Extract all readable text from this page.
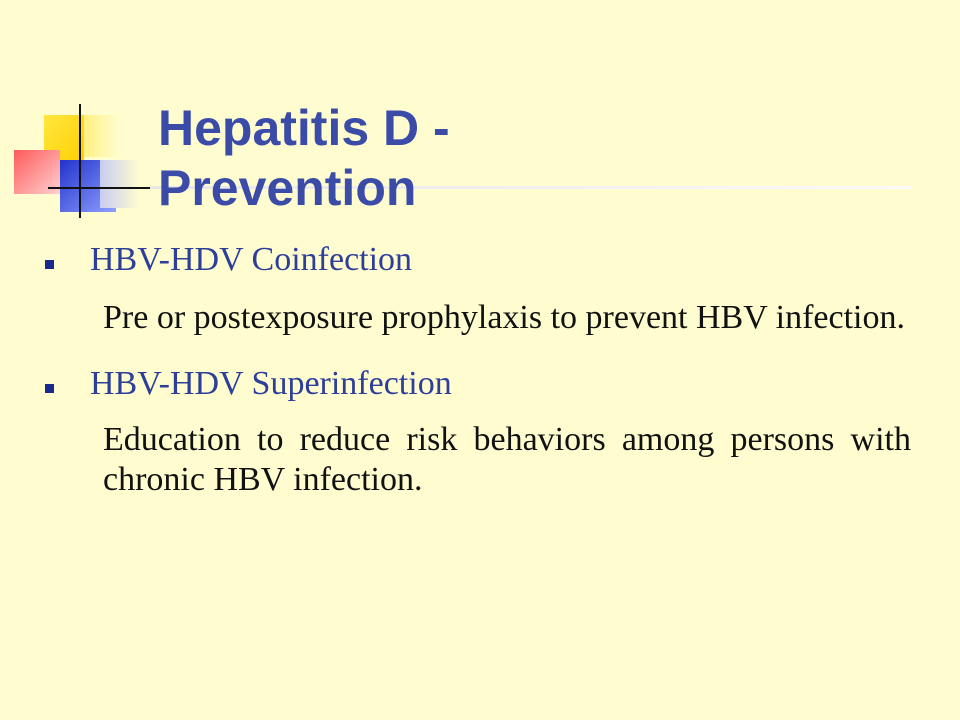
Hepatitis D - Prevention
HBV-HDV Coinfection

Pre or postexposure prophylaxis to prevent HBV infection.

HBV-HDV Superinfection

Education to reduce risk behaviors among persons with chronic HBV infection.
